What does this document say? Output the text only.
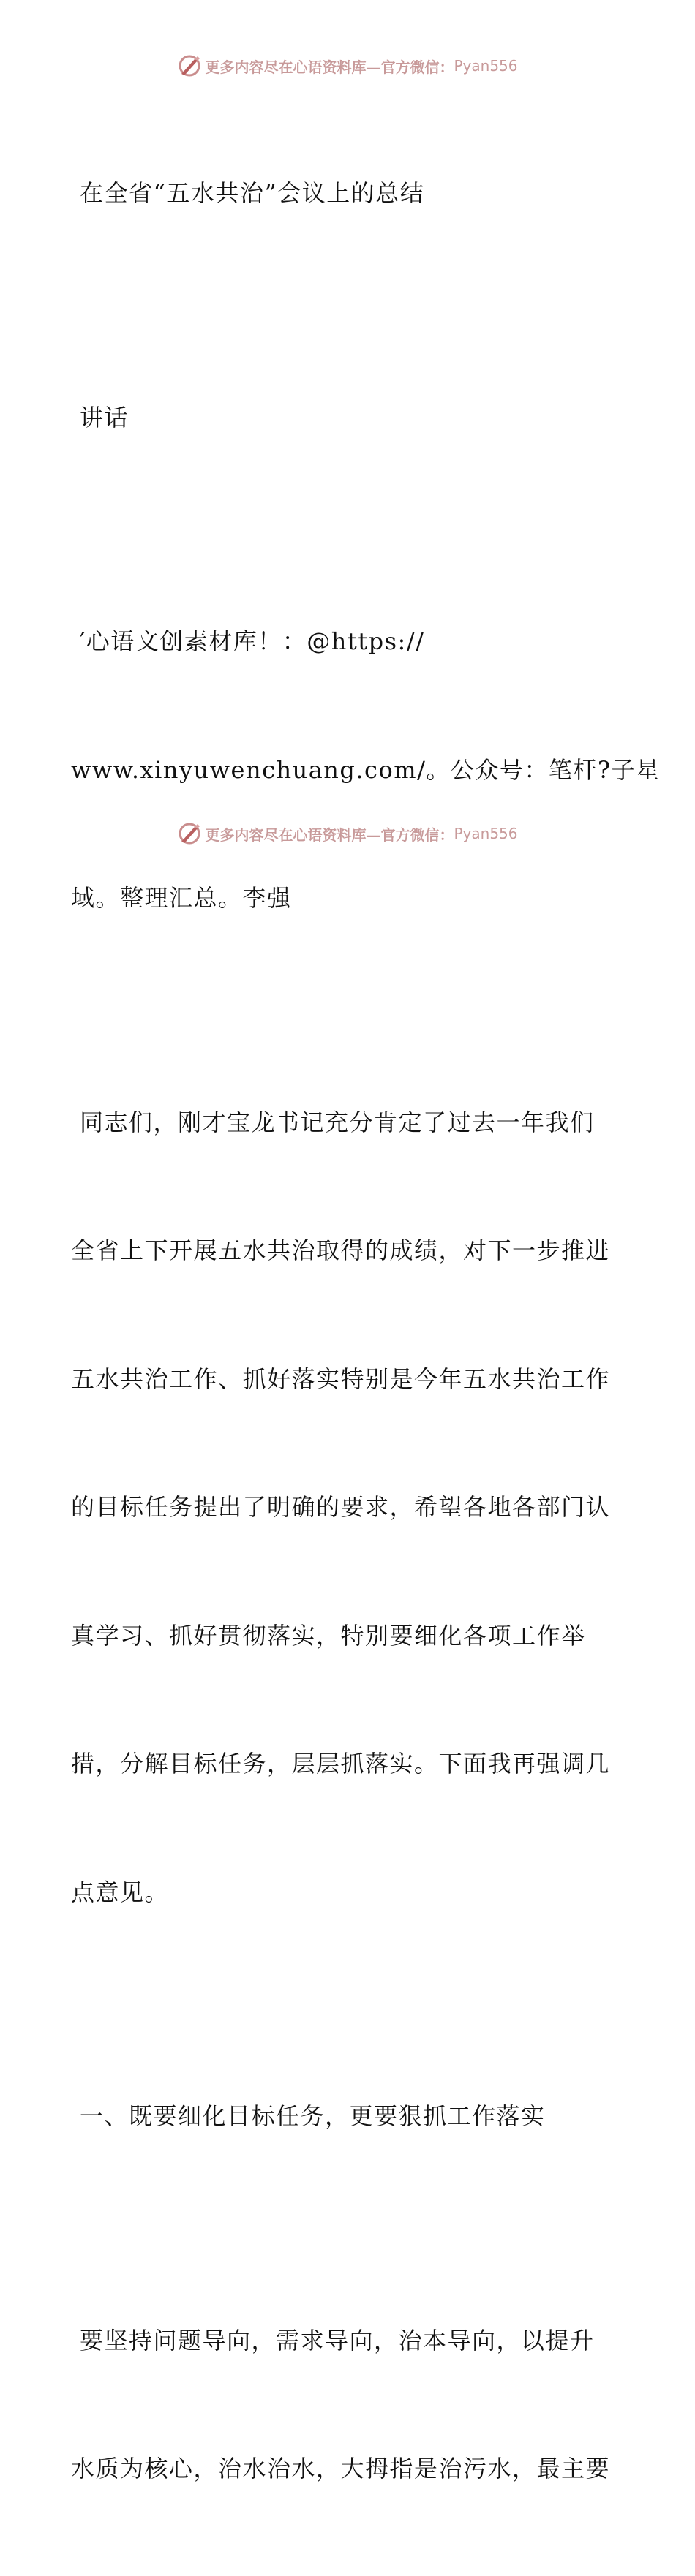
更多内容尽在心语资料库—官方微信： Pyan556

在全省“五水共治”会议上的总结

讲话

′心语文创素材库！：@https://

www.xinyuwenchuang.com/。公众号：笔杆?子星

域。整理汇总。李强

同志们，刚才宝龙书记充分肯定了过去一年我们

全省上下开展五水共治取得的成绩，对下一步推进

五水共治工作、抓好落实特别是今年五水共治工作

的目标任务提出了明确的要求，希望各地各部门认

真学习、抓好贯彻落实，特别要细化各项工作举

措，分解目标任务，层层抓落实。下面我再强调几

点意见。

一、既要细化目标任务，更要狠抓工作落实

要坚持问题导向，需求导向，治本导向，以提升

水质为核心，治水治水，大拇指是治污水，最主要

更多内容尽在心语资料库—官方微信： Pyan556
